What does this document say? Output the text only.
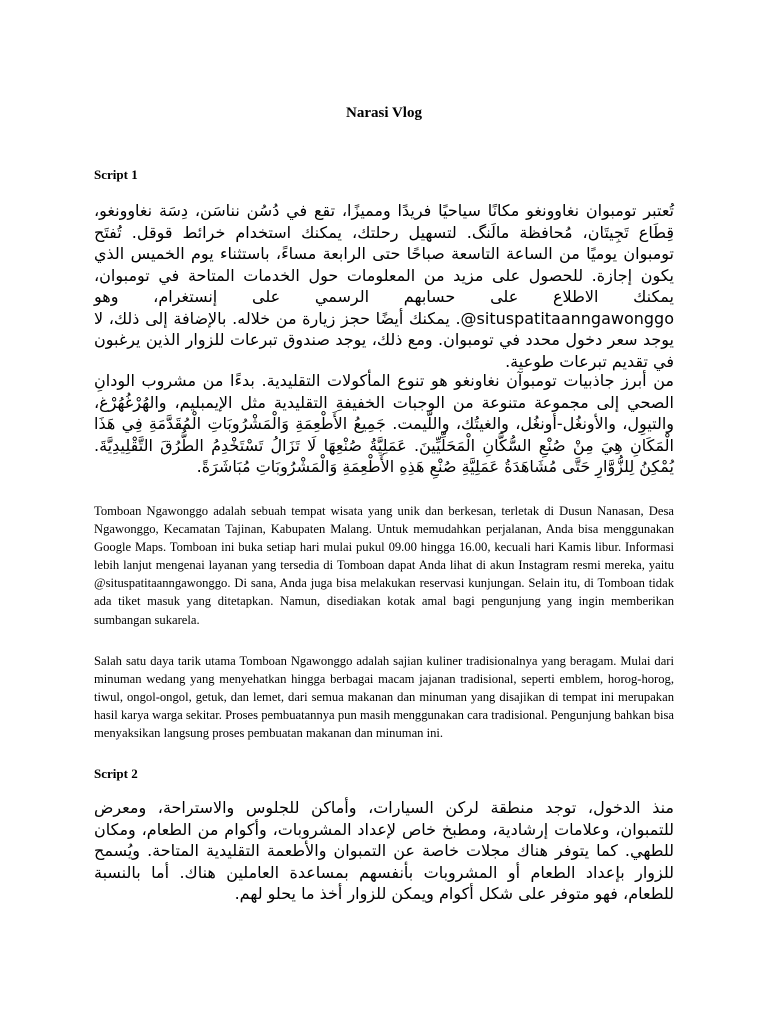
Narasi Vlog
Script 1

تُعتبر تومبوان نغاوونغو مكانًا سياحيًا فريدًا ومميزًا، تقع في دُسُن نناسَن، دِسَة نغاوونغو، قِطَاع تَجِيتَان، مُحافظة مالَنگ. لتسهيل رحلتك، يمكنك استخدام خرائط قوقل. تُفتَح تومبوان يوميًا من الساعة التاسعة صباحًا حتى الرابعة مساءً، باستثناء يوم الخميس الذي يكون إجازة. للحصول على مزيد من المعلومات حول الخدمات المتاحة في تومبوان، يمكنك الاطلاع على حسابهم الرسمي على إنستغرام، وهو ‎@situspatitaanngawonggo‏. يمكنك أيضًا حجز زيارة من خلاله. بالإضافة إلى ذلك، لا يوجد سعر دخول محدد في تومبوان. ومع ذلك، يوجد صندوق تبرعات للزوار الذين يرغبون في تقديم تبرعات طوعية.

من أبرز جاذبيات تومبوآن نغاونغو هو تنوع المأكولات التقليدية. بدءًا من مشروب الودانِ الصحي إلى مجموعة متنوعة من الوجبات الخفيفةِ التقليدية مثل الإيمبليم، والهُرْغُهُرْغ، والتيوِل، والأونغُل-أونغُل، والغيتُك، واللّيمت. جَمِيعُ الأَطْعِمَةِ وَالْمَشْرُوبَاتِ الْمُقَدَّمَةِ فِي هَذَا الْمَكَانِ هِيَ مِنْ صُنْعِ السُّكَّانِ الْمَحَلِّيِّينَ. عَمَلِيَّةُ صُنْعِهَا لَا تَزَالُ تَسْتَخْدِمُ الطُّرُقَ التَّقْلِيدِيَّةَ. يُمْكِنُ لِلزُّوَّارِ حَتَّى مُشَاهَدَةُ عَمَلِيَّةِ صُنْعِ هَذِهِ الأَطْعِمَةِ وَالْمَشْرُوبَاتِ مُبَاشَرَةً.

Tomboan Ngawonggo adalah sebuah tempat wisata yang unik dan berkesan, terletak di Dusun Nanasan, Desa Ngawonggo, Kecamatan Tajinan, Kabupaten Malang. Untuk memudahkan perjalanan, Anda bisa menggunakan Google Maps. Tomboan ini buka setiap hari mulai pukul 09.00 hingga 16.00, kecuali hari Kamis libur. Informasi lebih lanjut mengenai layanan yang tersedia di Tomboan dapat Anda lihat di akun Instagram resmi mereka, yaitu @situspatitaanngawonggo. Di sana, Anda juga bisa melakukan reservasi kunjungan. Selain itu, di Tomboan tidak ada tiket masuk yang ditetapkan. Namun, disediakan kotak amal bagi pengunjung yang ingin memberikan sumbangan sukarela.

Salah satu daya tarik utama Tomboan Ngawonggo adalah sajian kuliner tradisionalnya yang beragam. Mulai dari minuman wedang yang menyehatkan hingga berbagai macam jajanan tradisional, seperti emblem, horog-horog, tiwul, ongol-ongol, getuk, dan lemet, dari semua makanan dan minuman yang disajikan di tempat ini merupakan hasil karya warga sekitar. Proses pembuatannya pun masih menggunakan cara tradisional. Pengunjung bahkan bisa menyaksikan langsung proses pembuatan makanan dan minuman ini.

Script 2

منذ الدخول، توجد منطقة لركن السيارات، وأماكن للجلوس والاستراحة، ومعرض للتمبوان، وعلامات إرشادية، ومطبخ خاص لإعداد المشروبات، وأكوام من الطعام، ومكان للطهي. كما يتوفر هناك مجلات خاصة عن التمبوان والأطعمة التقليدية المتاحة. ويُسمح للزوار بإعداد الطعام أو المشروبات بأنفسهم بمساعدة العاملين هناك. أما بالنسبة للطعام، فهو متوفر على شكل أكوام ويمكن للزوار أخذ ما يحلو لهم.
